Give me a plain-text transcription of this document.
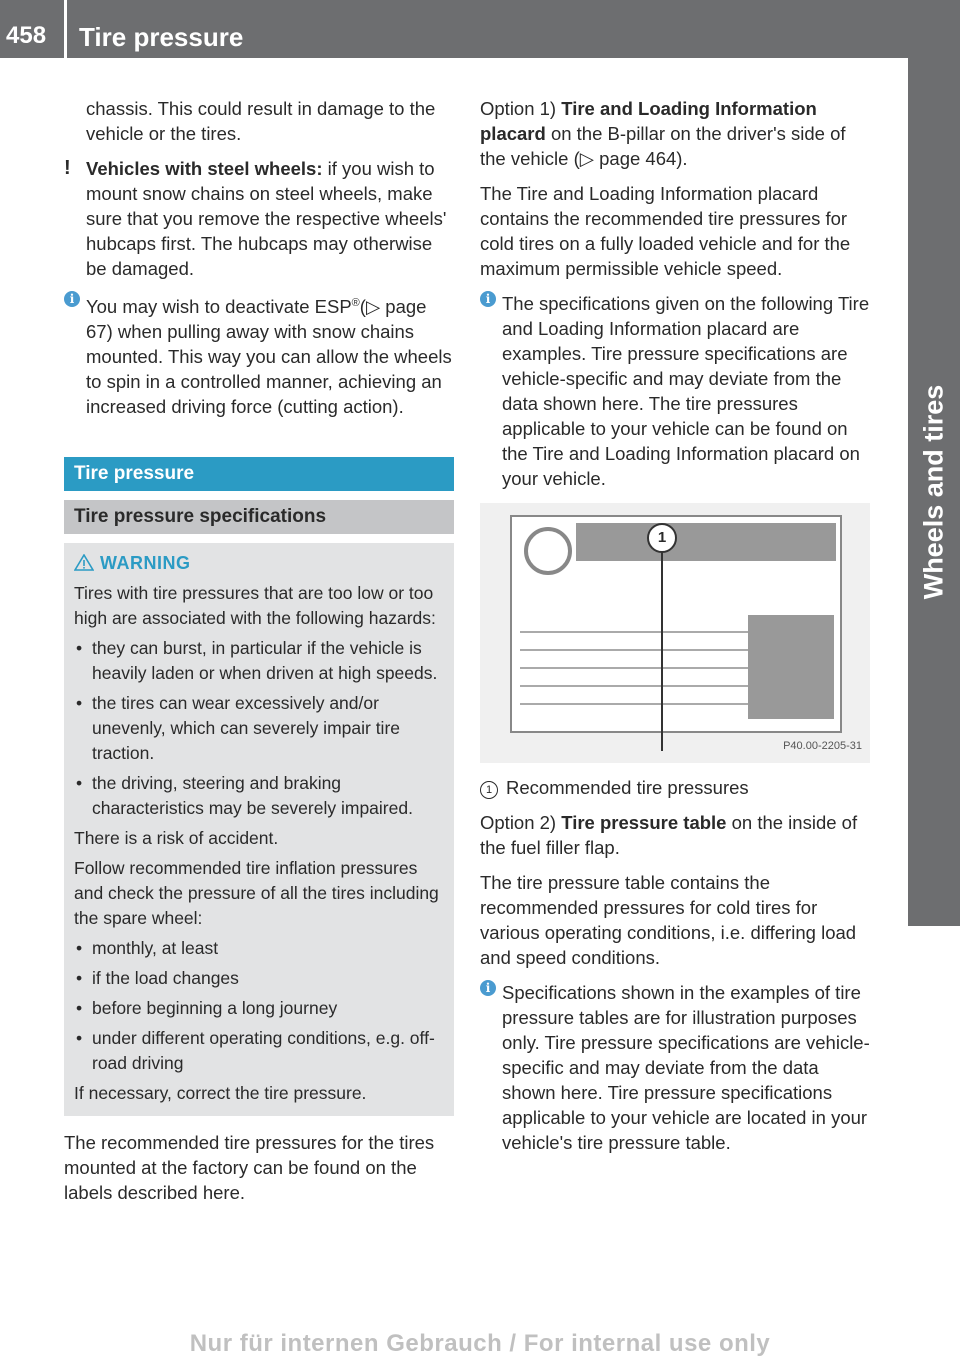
458 Tire pressure
Wheels and tires

chassis. This could result in damage to the vehicle or the tires.

! Vehicles with steel wheels: if you wish to mount snow chains on steel wheels, make sure that you remove the respective wheels' hubcaps first. The hubcaps may otherwise be damaged.

i You may wish to deactivate ESP®(▷ page 67) when pulling away with snow chains mounted. This way you can allow the wheels to spin in a controlled manner, achieving an increased driving force (cutting action).

Tire pressure
Tire pressure specifications

WARNING

Tires with tire pressures that are too low or too high are associated with the following hazards:

• they can burst, in particular if the vehicle is heavily laden or when driven at high speeds.
• the tires can wear excessively and/or unevenly, which can severely impair tire traction.
• the driving, steering and braking characteristics may be severely impaired.

There is a risk of accident.

Follow recommended tire inflation pressures and check the pressure of all the tires including the spare wheel:

• monthly, at least
• if the load changes
• before beginning a long journey
• under different operating conditions, e.g. off-road driving

If necessary, correct the tire pressure.

The recommended tire pressures for the tires mounted at the factory can be found on the labels described here.

Option 1) Tire and Loading Information placard on the B-pillar on the driver's side of the vehicle (▷ page 464).

The Tire and Loading Information placard contains the recommended tire pressures for cold tires on a fully loaded vehicle and for the maximum permissible vehicle speed.

i The specifications given on the following Tire and Loading Information placard are examples. Tire pressure specifications are vehicle-specific and may deviate from the data shown here. The tire pressures applicable to your vehicle can be found on the Tire and Loading Information placard on your vehicle.

1
P40.00-2205-31

1 Recommended tire pressures

Option 2) Tire pressure table on the inside of the fuel filler flap.

The tire pressure table contains the recommended pressures for cold tires for various operating conditions, i.e. differing load and speed conditions.

i Specifications shown in the examples of tire pressure tables are for illustration purposes only. Tire pressure specifications are vehicle-specific and may deviate from the data shown here. Tire pressure specifications applicable to your vehicle are located in your vehicle's tire pressure table.

Nur für internen Gebrauch / For internal use only
